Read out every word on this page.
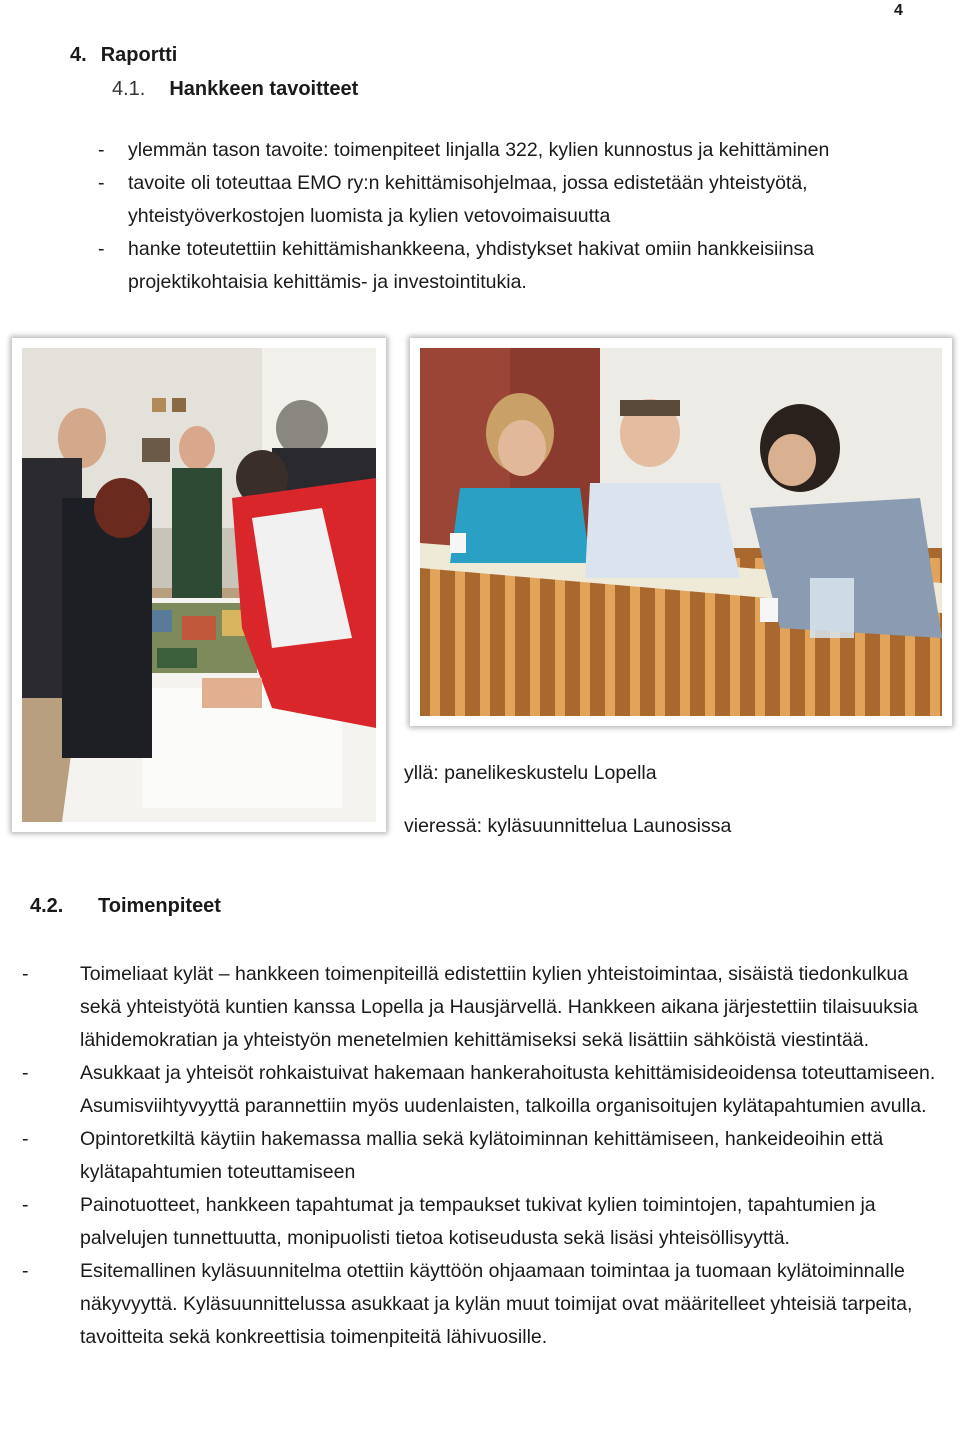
4
4. Raportti
4.1. Hankkeen tavoitteet
- ylemmän tason tavoite: toimenpiteet linjalla 322, kylien kunnostus ja kehittäminen
- tavoite oli toteuttaa EMO ry:n kehittämisohjelmaa, jossa edistetään yhteistyötä, yhteistyöverkostojen luomista ja kylien vetovoimaisuutta
- hanke toteutettiin kehittämishankkeena, yhdistykset hakivat omiin hankkeisiinsa projektikohtaisia kehittämis- ja investointitukia.
yllä: panelikeskustelu Lopella
vieressä: kyläsuunnittelua Launosissa
4.2. Toimenpiteet
-	Toimeliaat kylät – hankkeen toimenpiteillä edistettiin kylien yhteistoimintaa, sisäistä tiedonkulkua sekä yhteistyötä kuntien kanssa Lopella ja Hausjärvellä. Hankkeen aikana järjestettiin tilaisuuksia lähidemokratian ja yhteistyön menetelmien kehittämiseksi sekä lisättiin sähköistä viestintää.
-	Asukkaat ja yhteisöt rohkaistuivat hakemaan hankerahoitusta kehittämisideoidensa toteuttamiseen. Asumisviihtyvyyttä parannettiin myös uudenlaisten, talkoilla organisoitujen kylätapahtumien avulla.
-	Opintoretkiltä käytiin hakemassa mallia sekä kylätoiminnan kehittämiseen, hankeideoihin että kylätapahtumien toteuttamiseen
-	Painotuotteet, hankkeen tapahtumat ja tempaukset tukivat kylien toimintojen, tapahtumien ja palvelujen tunnettuutta, monipuolisti tietoa kotiseudusta sekä lisäsi yhteisöllisyyttä.
-	Esitemallinen kyläsuunnitelma otettiin käyttöön ohjaamaan toimintaa ja tuomaan kylätoiminnalle näkyvyyttä. Kyläsuunnittelussa asukkaat ja kylän muut toimijat ovat määritelleet yhteisiä tarpeita, tavoitteita sekä konkreettisia toimenpiteitä lähivuosille.
